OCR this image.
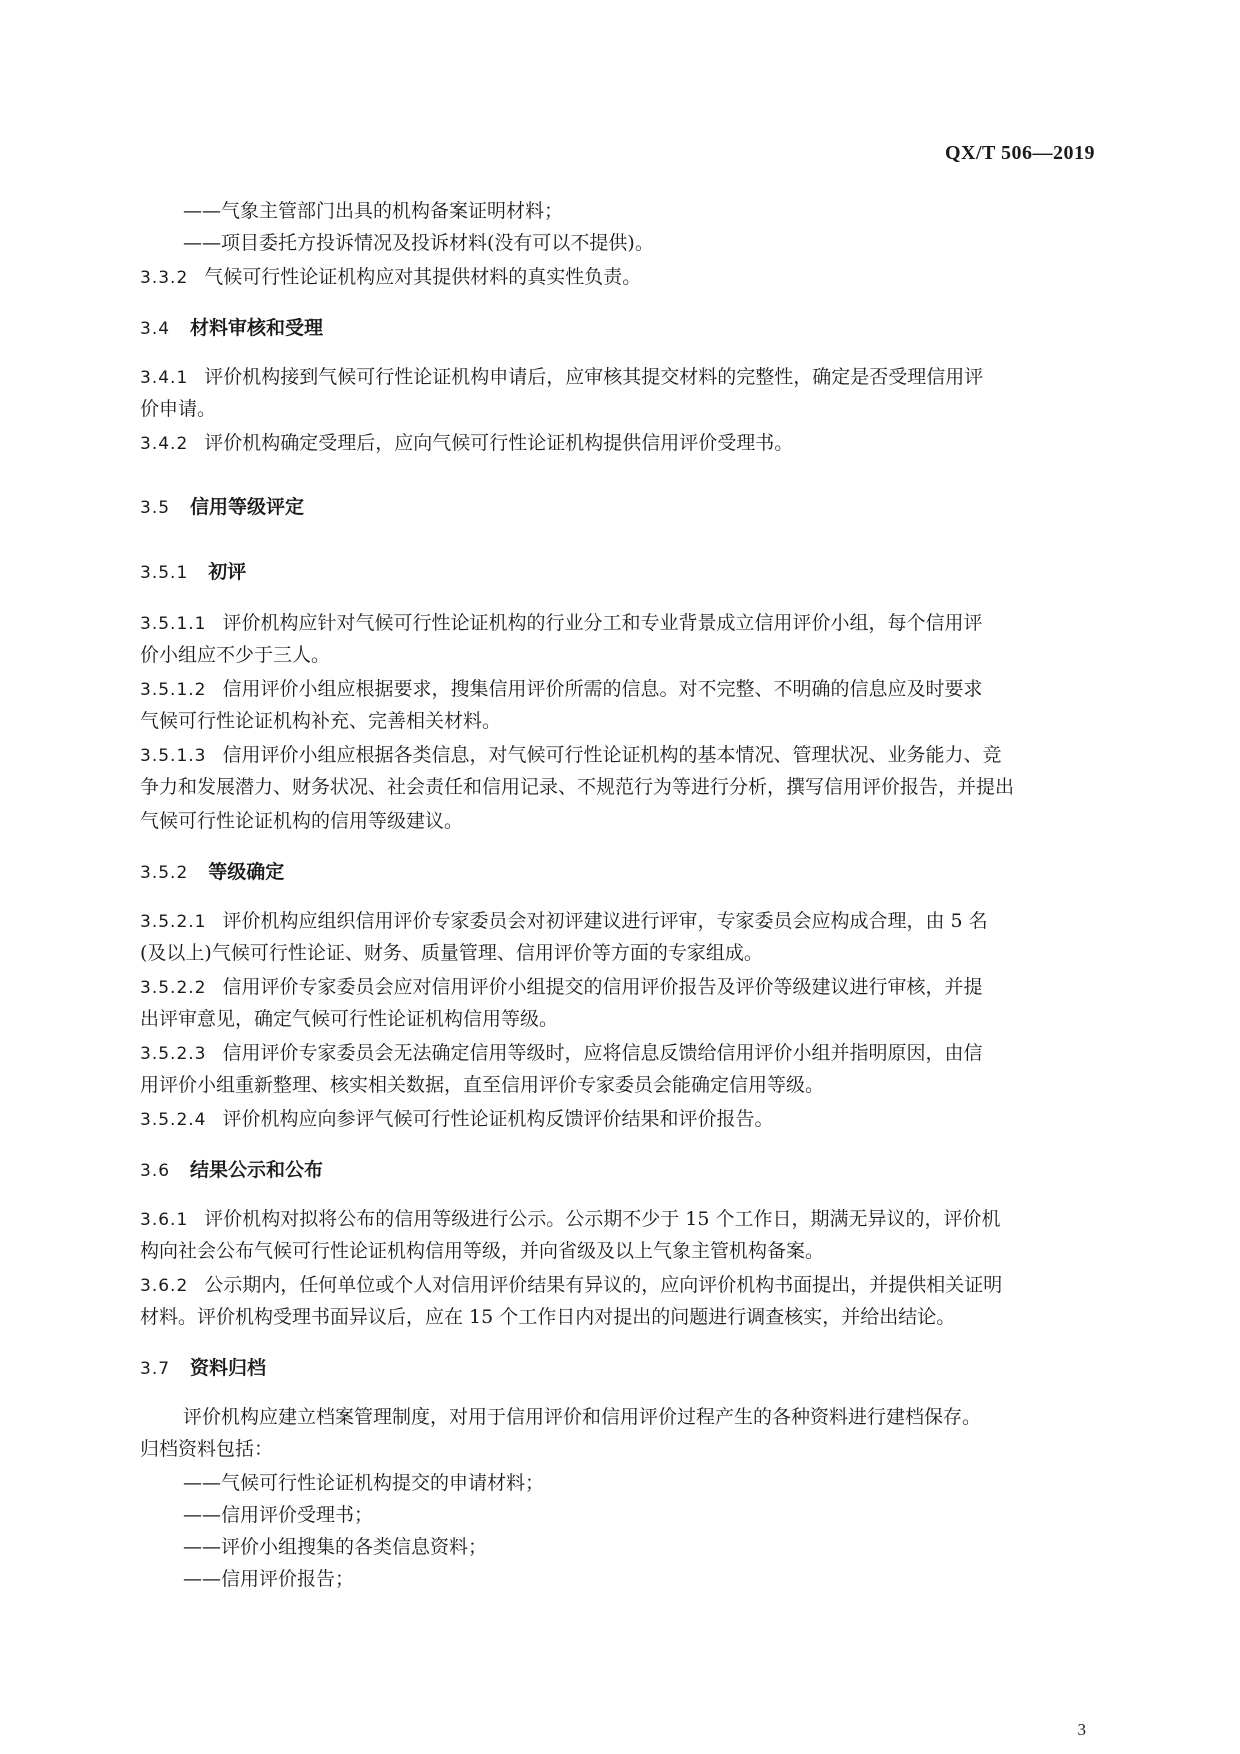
QX/T 506—2019
——气象主管部门出具的机构备案证明材料；
——项目委托方投诉情况及投诉材料(没有可以不提供)。
3.3.2 气候可行性论证机构应对其提供材料的真实性负责。
3.4 材料审核和受理
3.4.1 评价机构接到气候可行性论证机构申请后，应审核其提交材料的完整性，确定是否受理信用评
价申请。
3.4.2 评价机构确定受理后，应向气候可行性论证机构提供信用评价受理书。
3.5 信用等级评定
3.5.1 初评
3.5.1.1 评价机构应针对气候可行性论证机构的行业分工和专业背景成立信用评价小组，每个信用评
价小组应不少于三人。
3.5.1.2 信用评价小组应根据要求，搜集信用评价所需的信息。对不完整、不明确的信息应及时要求
气候可行性论证机构补充、完善相关材料。
3.5.1.3 信用评价小组应根据各类信息，对气候可行性论证机构的基本情况、管理状况、业务能力、竞
争力和发展潜力、财务状况、社会责任和信用记录、不规范行为等进行分析，撰写信用评价报告，并提出
气候可行性论证机构的信用等级建议。
3.5.2 等级确定
3.5.2.1 评价机构应组织信用评价专家委员会对初评建议进行评审，专家委员会应构成合理，由 5 名
(及以上)气候可行性论证、财务、质量管理、信用评价等方面的专家组成。
3.5.2.2 信用评价专家委员会应对信用评价小组提交的信用评价报告及评价等级建议进行审核，并提
出评审意见，确定气候可行性论证机构信用等级。
3.5.2.3 信用评价专家委员会无法确定信用等级时，应将信息反馈给信用评价小组并指明原因，由信
用评价小组重新整理、核实相关数据，直至信用评价专家委员会能确定信用等级。
3.5.2.4 评价机构应向参评气候可行性论证机构反馈评价结果和评价报告。
3.6 结果公示和公布
3.6.1 评价机构对拟将公布的信用等级进行公示。公示期不少于 15 个工作日，期满无异议的，评价机
构向社会公布气候可行性论证机构信用等级，并向省级及以上气象主管机构备案。
3.6.2 公示期内，任何单位或个人对信用评价结果有异议的，应向评价机构书面提出，并提供相关证明
材料。评价机构受理书面异议后，应在 15 个工作日内对提出的问题进行调查核实，并给出结论。
3.7 资料归档
评价机构应建立档案管理制度，对用于信用评价和信用评价过程产生的各种资料进行建档保存。
归档资料包括：
——气候可行性论证机构提交的申请材料；
——信用评价受理书；
——评价小组搜集的各类信息资料；
——信用评价报告；
3
